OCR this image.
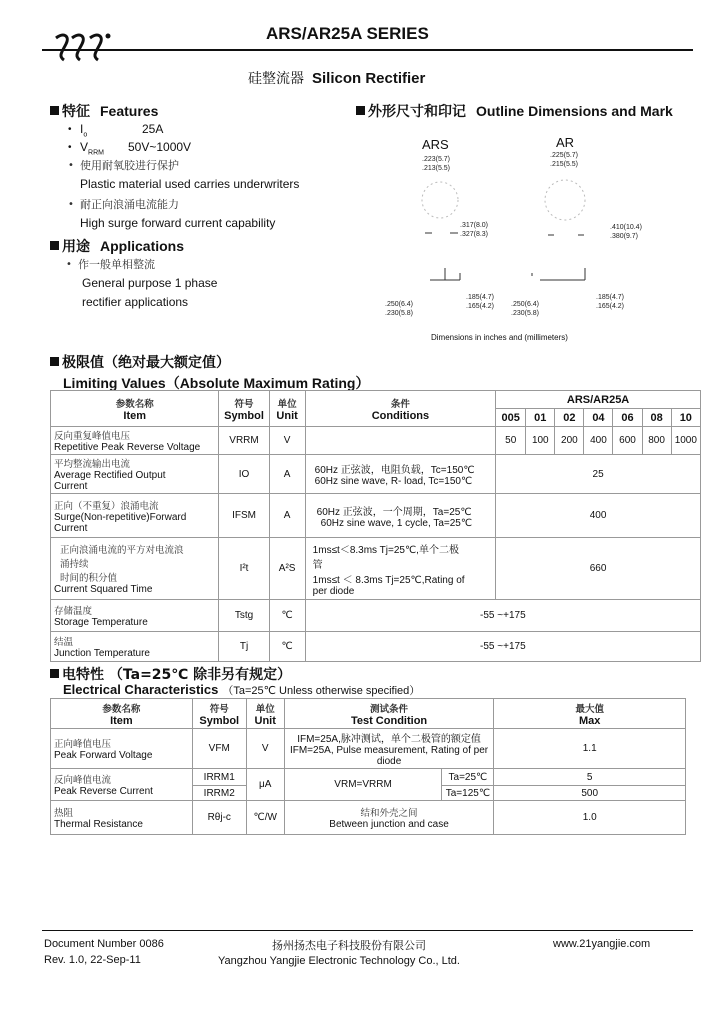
ARS/AR25A SERIES
硅整流器 Silicon Rectifier
特征 Features
• $I_o$	25A
• $V_{RRM}$ 50V~1000V
• 使用耐氧胶进行保护
Plastic material used carries underwriters
• 耐正向浪涌电流能力
High surge forward current capability
用途 Applications
• 作一般单相整流
General purpose 1 phase
rectifier applications
外形尺寸和印记 Outline Dimensions and Mark
ARS	AR
.223(5.7)
.213(5.5)
.225(5.7)
.215(5.5)
.317(8.0)
.327(8.3)
.410(10.4)
.380(9.7)
.250(6.4)
.230(5.8)
.185(4.7)
.165(4.2) .250(6.4)
.230(5.8)
.185(4.7)
.165(4.2)
Dimensions in inches and (millimeters)
极限值（绝对最大额定值）
Limiting Values（Absolute Maximum Rating）
参数名称
Item	符号
Symbol	单位
Unit	条件
Conditions	ARS/AR25A						
				005	01	02	04	06	08	10

反向重复峰值电压
Repetitive Peak Reverse Voltage	VRRM	V		50	100	200	400	600	800	1000

平均整流输出电流
Average Rectified Output
Current	IO	A	60Hz 正弦波，电阻负载，Tc=150℃
60Hz sine wave, R- load, Tc=150℃	25						

正向（不重复）浪涌电流
Surge(Non-repetitive)Forward
Current	IFSM	A	60Hz 正弦波，一个周期，Ta=25℃
60Hz sine wave, 1 cycle, Ta=25℃	400						

正向浪涌电流的平方对电流浪
涌持续
时间的积分值
Current Squared Time	I²t	A²S	1ms≤t＜8.3ms Tj=25℃,单个二极
管
1ms≤t ＜ 8.3ms Tj=25℃,Rating of
per diode	660						

存储温度
Storage Temperature	Tstg	℃	-55 ~+175							

结温
Junction Temperature	Tj	℃	-55 ~+175							
电特性 （Ta=25℃ 除非另有规定）
Electrical Characteristics （Ta=25℃ Unless otherwise specified）
参数名称
Item	符号
Symbol	单位
Unit	测试条件
Test Condition		最大值
Max

正向峰值电压
Peak Forward Voltage	VFM	V	IFM=25A,脉冲测试，单个二极管的额定值
IFM=25A, Pulse measurement, Rating of per diode		1.1

反向峰值电流
Peak Reverse Current	IRRM1	μA	VRM=VRRM	Ta=25℃	5
	IRRM2			Ta=125℃	500

热阻
Thermal Resistance	Rθj-c	℃/W	结和外壳之间
Between junction and case		1.0
Document Number 0086
Rev. 1.0, 22-Sep-11
扬州扬杰电子科技股份有限公司
Yangzhou Yangjie Electronic Technology Co., Ltd.
www.21yangjie.com
